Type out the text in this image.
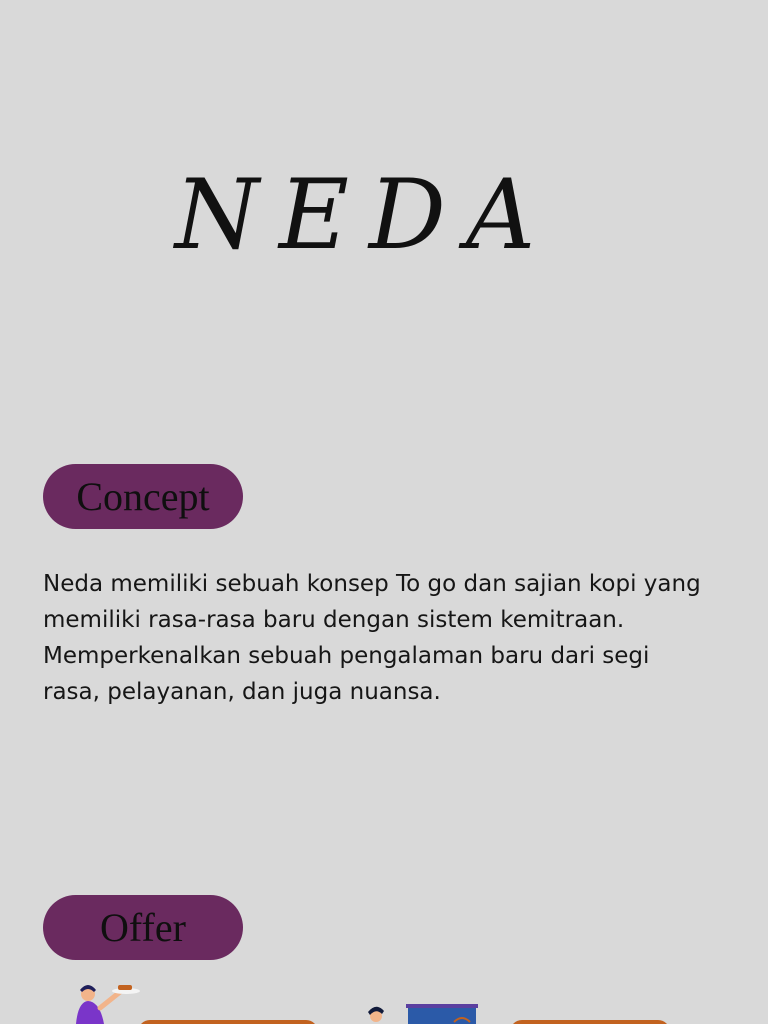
NEDA
Concept

Neda memiliki sebuah konsep To go dan sajian kopi yang memiliki rasa-rasa baru dengan sistem kemitraan. Memperkenalkan sebuah pengalaman baru dari segi rasa, pelayanan, dan juga nuansa.

Offer
